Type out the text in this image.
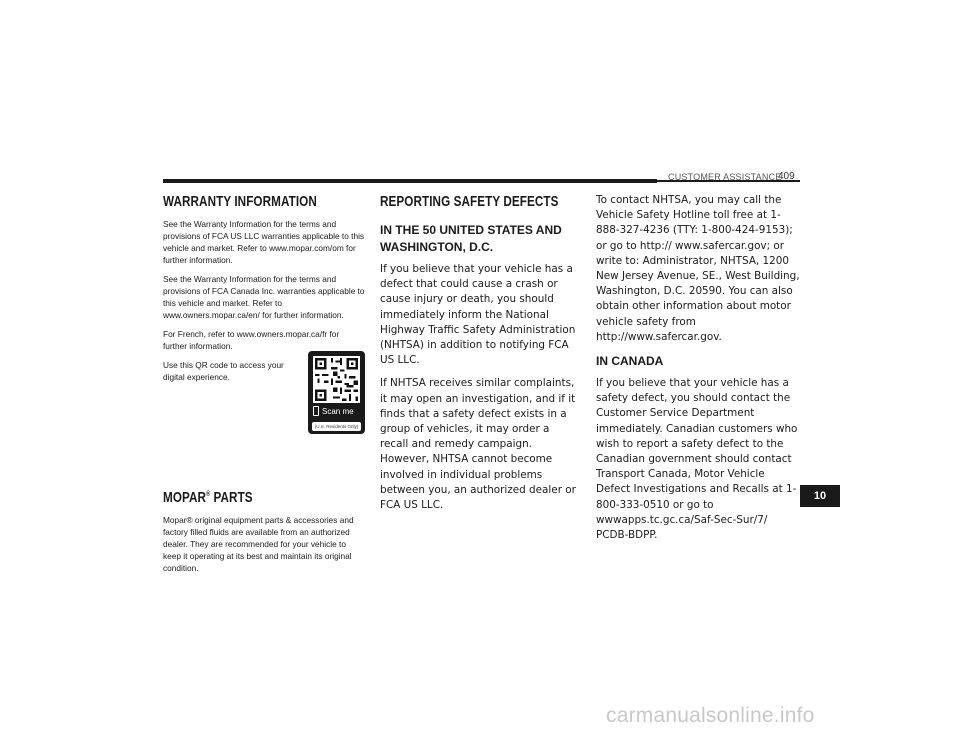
CUSTOMER ASSISTANCE
409
WARRANTY INFORMATION

See the Warranty Information for the terms and provisions of FCA US LLC warranties applicable to this vehicle and market. Refer to www.mopar.com/om for further information.

See the Warranty Information for the terms and provisions of FCA Canada Inc. warranties applicable to this vehicle and market. Refer to www.owners.mopar.ca/en/ for further information.

For French, refer to www.owners.mopar.ca/fr for further information.

Use this QR code to access your digital experience.

Scan me
(U.S. Residents Only)
MOPAR® PARTS

Mopar® original equipment parts & accessories and factory filled fluids are available from an authorized dealer. They are recommended for your vehicle to keep it operating at its best and maintain its original condition.

REPORTING SAFETY DEFECTS
IN THE 50 UNITED STATES AND WASHINGTON, D.C.

If you believe that your vehicle has a defect that could cause a crash or cause injury or death, you should immediately inform the National Highway Traffic Safety Administration (NHTSA) in addition to notifying FCA US LLC.

If NHTSA receives similar complaints, it may open an investigation, and if it finds that a safety defect exists in a group of vehicles, it may order a recall and remedy campaign. However, NHTSA cannot become involved in individual problems between you, an authorized dealer or FCA US LLC.

To contact NHTSA, you may call the Vehicle Safety Hotline toll free at 1-888-327-4236 (TTY: 1-800-424-9153); or go to http:// www.safercar.gov; or write to: Administrator, NHTSA, 1200 New Jersey Avenue, SE., West Building, Washington, D.C. 20590. You can also obtain other information about motor vehicle safety from http://www.safercar.gov.

IN CANADA

If you believe that your vehicle has a safety defect, you should contact the Customer Service Department immediately. Canadian customers who wish to report a safety defect to the Canadian government should contact Transport Canada, Motor Vehicle Defect Investigations and Recalls at 1-800-333-0510 or go to wwwapps.tc.gc.ca/Saf-Sec-Sur/7/ PCDB-BDPP.

10
carmanualsonline.info
